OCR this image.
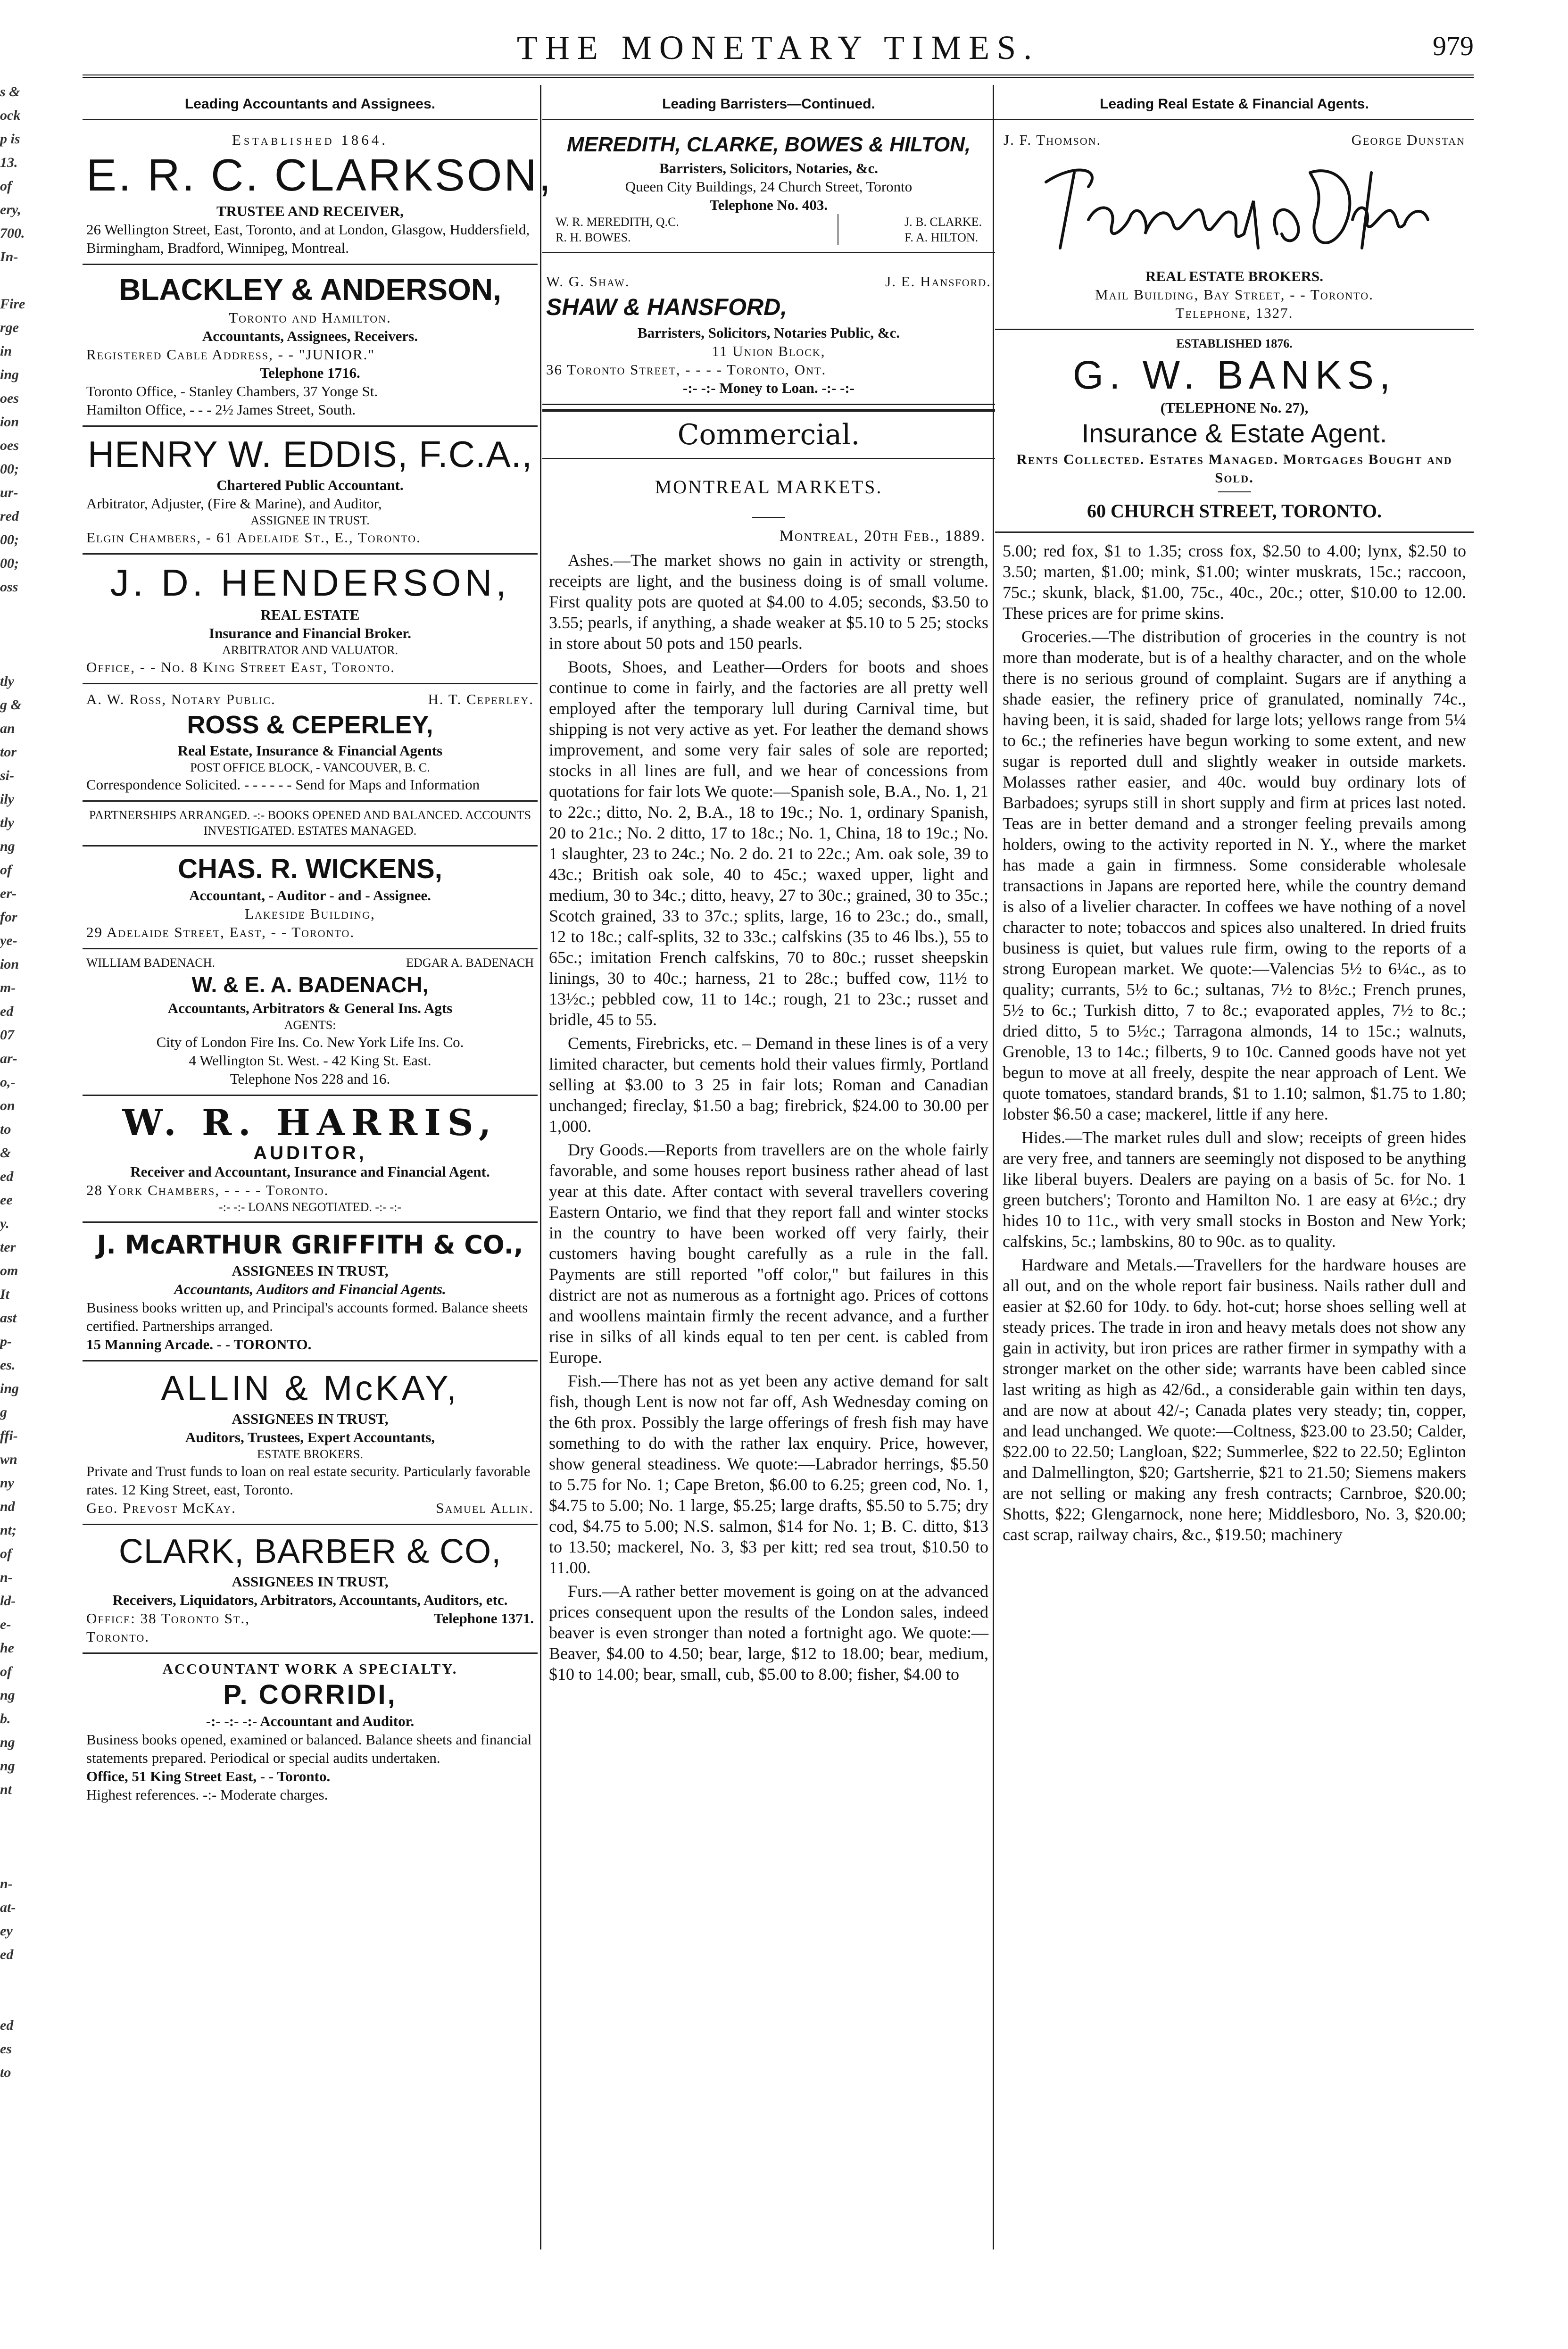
s &
ock
p is
13.
of
ery,
700.
In-
Fire
rge
in
ing
oes
ion
oes
00;
ur-
red
00;
00;
oss
tly
g &
an
tor
si-
ily
tly
ng
of
er-
for
ye-
ion
m-
ed
07
ar-
o,-
on
to
&
ed
ee
y.
ter
om
It
ast
p-
es.
ing
g
ffi-
wn
ny
nd
nt;
of
n-
ld-
e-
he
of
ng
b.
ng
ng
nt
n-
at-
ey
ed
ed
es
to
THE MONETARY TIMES.	979
Leading Accountants and Assignees.

Established 1864.

E. R. C. CLARKSON,

TRUSTEE AND RECEIVER,

26 Wellington Street, East, Toronto, and at London, Glasgow, Huddersfield, Birmingham, Bradford, Winnipeg, Montreal.

BLACKLEY & ANDERSON,

Toronto and Hamilton.

Accountants, Assignees, Receivers.

Registered Cable Address, - - "JUNIOR."

Telephone 1716.

Toronto Office, - Stanley Chambers, 37 Yonge St.

Hamilton Office, - - - 2½ James Street, South.

HENRY W. EDDIS, F.C.A.,

Chartered Public Accountant.

Arbitrator, Adjuster, (Fire & Marine), and Auditor,

ASSIGNEE IN TRUST.

Elgin Chambers, - 61 Adelaide St., E., Toronto.

J. D. HENDERSON,

REAL ESTATE

Insurance and Financial Broker.

ARBITRATOR AND VALUATOR.

Office, - - No. 8 King Street East, Toronto.

A. W. Ross, Notary Public.	H. T. Ceperley.

ROSS & CEPERLEY,

Real Estate, Insurance & Financial Agents

POST OFFICE BLOCK, - VANCOUVER, B. C.

Correspondence Solicited. - - - - - - Send for Maps and Information

PARTNERSHIPS ARRANGED. -:- BOOKS OPENED AND BALANCED. ACCOUNTS INVESTIGATED. ESTATES MANAGED.

CHAS. R. WICKENS,

Accountant, - Auditor - and - Assignee.

Lakeside Building,

29 Adelaide Street, East, - - Toronto.

WILLIAM BADENACH.	EDGAR A. BADENACH

W. & E. A. BADENACH,

Accountants, Arbitrators & General Ins. Agts

AGENTS:

City of London Fire Ins. Co. New York Life Ins. Co.

4 Wellington St. West. - 42 King St. East.

Telephone Nos 228 and 16.

W. R. HARRIS,

AUDITOR,

Receiver and Accountant, Insurance and Financial Agent.

28 York Chambers, - - - - Toronto.

-:- -:- LOANS NEGOTIATED. -:- -:-

J. McARTHUR GRIFFITH & CO.,

ASSIGNEES IN TRUST,

Accountants, Auditors and Financial Agents.

Business books written up, and Principal's accounts formed. Balance sheets certified. Partnerships arranged.

15 Manning Arcade. - - TORONTO.

ALLIN & McKAY,

ASSIGNEES IN TRUST,

Auditors, Trustees, Expert Accountants,

ESTATE BROKERS.

Private and Trust funds to loan on real estate security. Particularly favorable rates. 12 King Street, east, Toronto.

Geo. Prevost McKay.	Samuel Allin.

CLARK, BARBER & CO,

ASSIGNEES IN TRUST,

Receivers, Liquidators, Arbitrators, Accountants, Auditors, etc.

Office: 38 Toronto St., Toronto.
Telephone 1371.

ACCOUNTANT WORK A SPECIALTY.

P. CORRIDI,

-:- -:- -:- Accountant and Auditor.

Business books opened, examined or balanced. Balance sheets and financial statements prepared. Periodical or special audits undertaken.

Office, 51 King Street East, - - Toronto.

Highest references. -:- Moderate charges.

Leading Barristers—Continued.

MEREDITH, CLARKE, BOWES & HILTON,

Barristers, Solicitors, Notaries, &c.

Queen City Buildings, 24 Church Street, Toronto

Telephone No. 403.

W. R. MEREDITH, Q.C.
R. H. BOWES.
J. B. CLARKE.
F. A. HILTON.
W. G. Shaw.	J. E. Hansford.

SHAW & HANSFORD,

Barristers, Solicitors, Notaries Public, &c.

11 Union Block,

36 Toronto Street, - - - - Toronto, Ont.

-:- -:- Money to Loan. -:- -:-

Commercial.
MONTREAL MARKETS.
Montreal, 20th Feb., 1889.

Ashes.—The market shows no gain in activity or strength, receipts are light, and the business doing is of small volume. First quality pots are quoted at $4.00 to 4.05; seconds, $3.50 to 3.55; pearls, if anything, a shade weaker at $5.10 to 5 25; stocks in store about 50 pots and 150 pearls.

Boots, Shoes, and Leather—Orders for boots and shoes continue to come in fairly, and the factories are all pretty well employed after the temporary lull during Carnival time, but shipping is not very active as yet. For leather the demand shows improvement, and some very fair sales of sole are reported; stocks in all lines are full, and we hear of concessions from quotations for fair lots We quote:—Spanish sole, B.A., No. 1, 21 to 22c.; ditto, No. 2, B.A., 18 to 19c.; No. 1, ordinary Spanish, 20 to 21c.; No. 2 ditto, 17 to 18c.; No. 1, China, 18 to 19c.; No. 1 slaughter, 23 to 24c.; No. 2 do. 21 to 22c.; Am. oak sole, 39 to 43c.; British oak sole, 40 to 45c.; waxed upper, light and medium, 30 to 34c.; ditto, heavy, 27 to 30c.; grained, 30 to 35c.; Scotch grained, 33 to 37c.; splits, large, 16 to 23c.; do., small, 12 to 18c.; calf-splits, 32 to 33c.; calfskins (35 to 46 lbs.), 55 to 65c.; imitation French calfskins, 70 to 80c.; russet sheepskin linings, 30 to 40c.; harness, 21 to 28c.; buffed cow, 11½ to 13½c.; pebbled cow, 11 to 14c.; rough, 21 to 23c.; russet and bridle, 45 to 55.

Cements, Firebricks, etc. – Demand in these lines is of a very limited character, but cements hold their values firmly, Portland selling at $3.00 to 3 25 in fair lots; Roman and Canadian unchanged; fireclay, $1.50 a bag; firebrick, $24.00 to 30.00 per 1,000.

Dry Goods.—Reports from travellers are on the whole fairly favorable, and some houses report business rather ahead of last year at this date. After contact with several travellers covering Eastern Ontario, we find that they report fall and winter stocks in the country to have been worked off very fairly, their customers having bought carefully as a rule in the fall. Payments are still reported "off color," but failures in this district are not as numerous as a fortnight ago. Prices of cottons and woollens maintain firmly the recent advance, and a further rise in silks of all kinds equal to ten per cent. is cabled from Europe.

Fish.—There has not as yet been any active demand for salt fish, though Lent is now not far off, Ash Wednesday coming on the 6th prox. Possibly the large offerings of fresh fish may have something to do with the rather lax enquiry. Price, however, show general steadiness. We quote:—Labrador herrings, $5.50 to 5.75 for No. 1; Cape Breton, $6.00 to 6.25; green cod, No. 1, $4.75 to 5.00; No. 1 large, $5.25; large drafts, $5.50 to 5.75; dry cod, $4.75 to 5.00; N.S. salmon, $14 for No. 1; B. C. ditto, $13 to 13.50; mackerel, No. 3, $3 per kitt; red sea trout, $10.50 to 11.00.

Furs.—A rather better movement is going on at the advanced prices consequent upon the results of the London sales, indeed beaver is even stronger than noted a fortnight ago. We quote:—Beaver, $4.00 to 4.50; bear, large, $12 to 18.00; bear, medium, $10 to 14.00; bear, small, cub, $5.00 to 8.00; fisher, $4.00 to

Leading Real Estate & Financial Agents.
J. F. Thomson.	George Dunstan

REAL ESTATE BROKERS.

Mail Building, Bay Street, - - Toronto.

Telephone, 1327.

ESTABLISHED 1876.

G. W. BANKS,

(TELEPHONE No. 27),

Insurance & Estate Agent.

Rents Collected. Estates Managed. Mortgages Bought and Sold.

60 CHURCH STREET, TORONTO.

5.00; red fox, $1 to 1.35; cross fox, $2.50 to 4.00; lynx, $2.50 to 3.50; marten, $1.00; mink, $1.00; winter muskrats, 15c.; raccoon, 75c.; skunk, black, $1.00, 75c., 40c., 20c.; otter, $10.00 to 12.00. These prices are for prime skins.

Groceries.—The distribution of groceries in the country is not more than moderate, but is of a healthy character, and on the whole there is no serious ground of complaint. Sugars are if anything a shade easier, the refinery price of granulated, nominally 74c., having been, it is said, shaded for large lots; yellows range from 5¼ to 6c.; the refineries have begun working to some extent, and new sugar is reported dull and slightly weaker in outside markets. Molasses rather easier, and 40c. would buy ordinary lots of Barbadoes; syrups still in short supply and firm at prices last noted. Teas are in better demand and a stronger feeling prevails among holders, owing to the activity reported in N. Y., where the market has made a gain in firmness. Some considerable wholesale transactions in Japans are reported here, while the country demand is also of a livelier character. In coffees we have nothing of a novel character to note; tobaccos and spices also unaltered. In dried fruits business is quiet, but values rule firm, owing to the reports of a strong European market. We quote:—Valencias 5½ to 6¼c., as to quality; currants, 5½ to 6c.; sultanas, 7½ to 8½c.; French prunes, 5½ to 6c.; Turkish ditto, 7 to 8c.; evaporated apples, 7½ to 8c.; dried ditto, 5 to 5½c.; Tarragona almonds, 14 to 15c.; walnuts, Grenoble, 13 to 14c.; filberts, 9 to 10c. Canned goods have not yet begun to move at all freely, despite the near approach of Lent. We quote tomatoes, standard brands, $1 to 1.10; salmon, $1.75 to 1.80; lobster $6.50 a case; mackerel, little if any here.

Hides.—The market rules dull and slow; receipts of green hides are very free, and tanners are seemingly not disposed to be anything like liberal buyers. Dealers are paying on a basis of 5c. for No. 1 green butchers'; Toronto and Hamilton No. 1 are easy at 6½c.; dry hides 10 to 11c., with very small stocks in Boston and New York; calfskins, 5c.; lambskins, 80 to 90c. as to quality.

Hardware and Metals.—Travellers for the hardware houses are all out, and on the whole report fair business. Nails rather dull and easier at $2.60 for 10dy. to 6dy. hot-cut; horse shoes selling well at steady prices. The trade in iron and heavy metals does not show any gain in activity, but iron prices are rather firmer in sympathy with a stronger market on the other side; warrants have been cabled since last writing as high as 42/6d., a considerable gain within ten days, and are now at about 42/-; Canada plates very steady; tin, copper, and lead unchanged. We quote:—Coltness, $23.00 to 23.50; Calder, $22.00 to 22.50; Langloan, $22; Summerlee, $22 to 22.50; Eglinton and Dalmellington, $20; Gartsherrie, $21 to 21.50; Siemens makers are not selling or making any fresh contracts; Carnbroe, $20.00; Shotts, $22; Glengarnock, none here; Middlesboro, No. 3, $20.00; cast scrap, railway chairs, &c., $19.50; machinery
